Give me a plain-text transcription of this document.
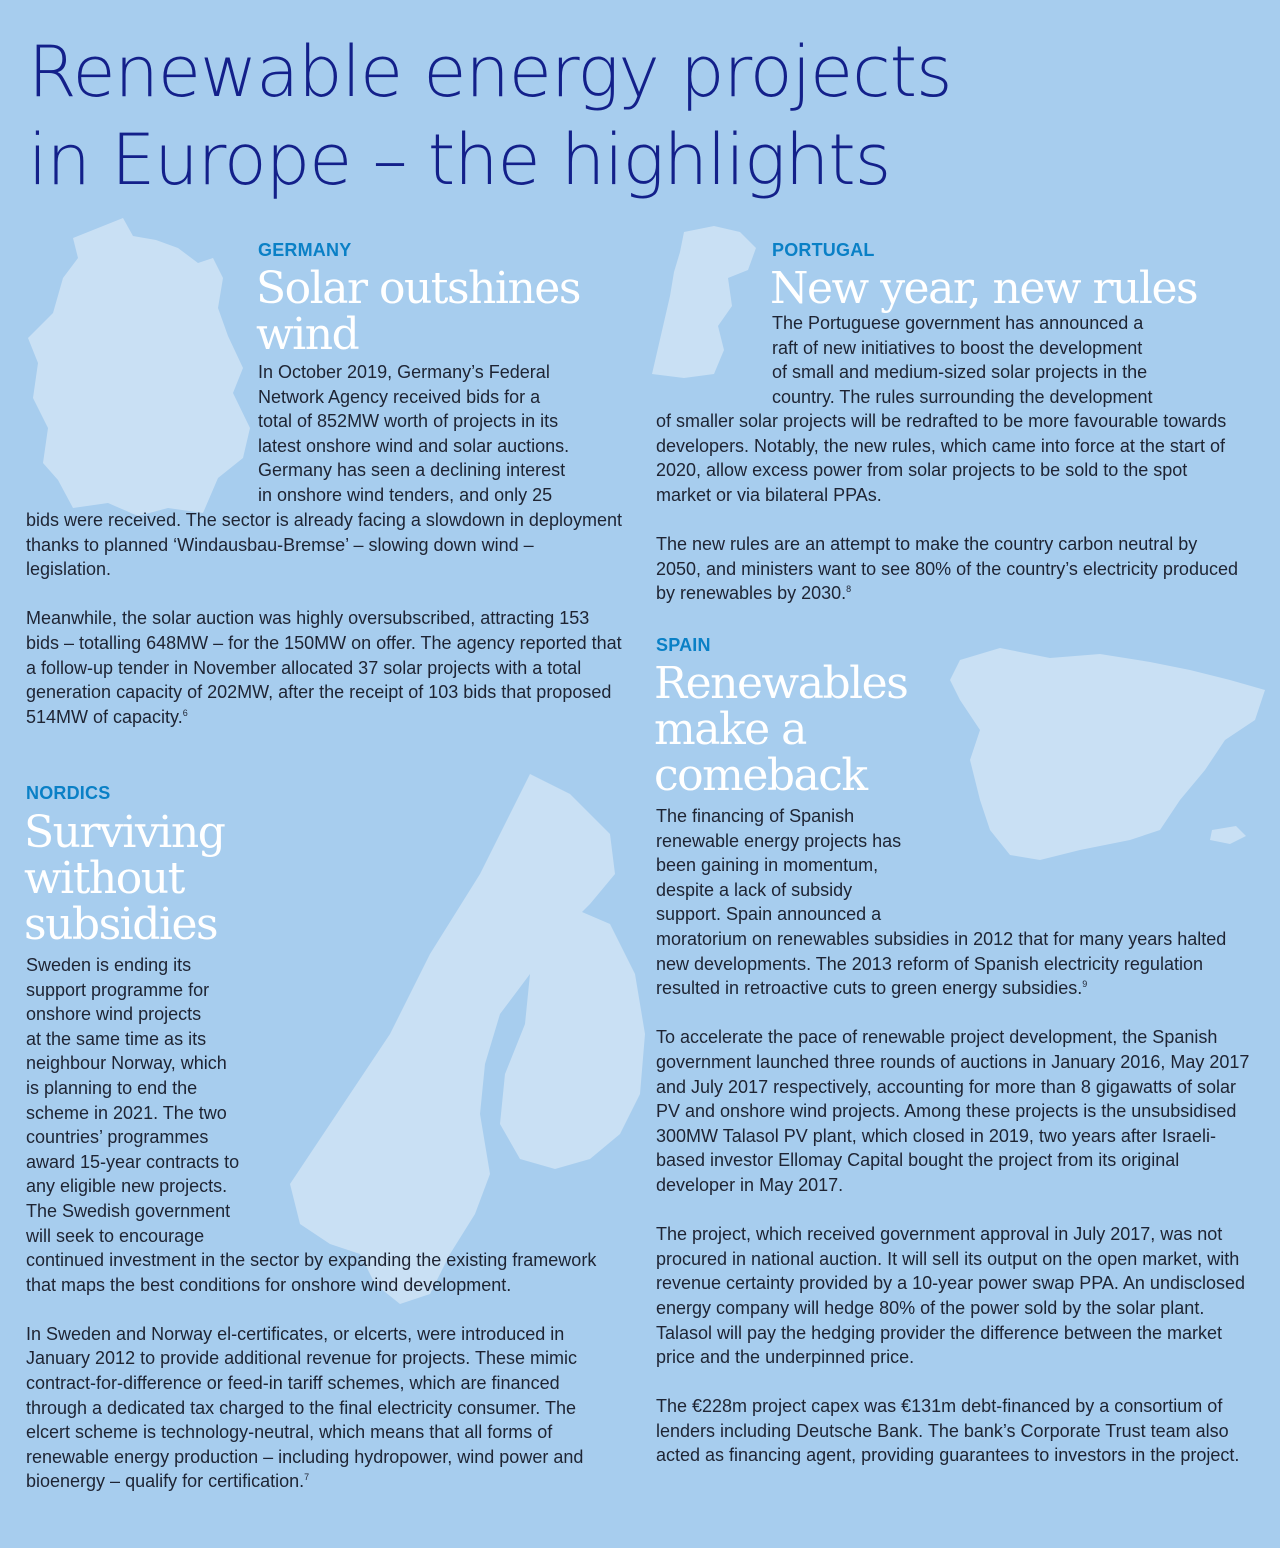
Renewable energy projects
in Europe – the highlights
GERMANY
Solar outshines
wind
In October 2019, Germany’s Federal
Network Agency received bids for a
total of 852MW worth of projects in its
latest onshore wind and solar auctions.
Germany has seen a declining interest
in onshore wind tenders, and only 25

bids were received. The sector is already facing a slowdown in deployment thanks to planned ‘Windausbau-Bremse’ – slowing down wind – legislation.

Meanwhile, the solar auction was highly oversubscribed, attracting 153 bids – totalling 648MW – for the 150MW on offer. The agency reported that a follow-up tender in November allocated 37 solar projects with a total generation capacity of 202MW, after the receipt of 103 bids that proposed 514MW of capacity.$^6$

PORTUGAL
New year, new rules
The Portuguese government has announced a
raft of new initiatives to boost the development
of small and medium-sized solar projects in the
country. The rules surrounding the development

of smaller solar projects will be redrafted to be more favourable towards developers. Notably, the new rules, which came into force at the start of 2020, allow excess power from solar projects to be sold to the spot market or via bilateral PPAs.

The new rules are an attempt to make the country carbon neutral by 2050, and ministers want to see 80% of the country’s electricity produced by renewables by 2030.$^8$

NORDICS
Surviving
without
subsidies
Sweden is ending its
support programme for
onshore wind projects
at the same time as its
neighbour Norway, which
is planning to end the
scheme in 2021. The two
countries’ programmes
award 15-year contracts to
any eligible new projects.
The Swedish government
will seek to encourage

continued investment in the sector by expanding the existing framework that maps the best conditions for onshore wind development.

In Sweden and Norway el-certificates, or elcerts, were introduced in January 2012 to provide additional revenue for projects. These mimic contract-for-difference or feed-in tariff schemes, which are financed through a dedicated tax charged to the final electricity consumer. The elcert scheme is technology-neutral, which means that all forms of renewable energy production – including hydropower, wind power and bioenergy – qualify for certification.$^7$

SPAIN
Renewables
make a
comeback
The financing of Spanish
renewable energy projects has
been gaining in momentum,
despite a lack of subsidy
support. Spain announced a

moratorium on renewables subsidies in 2012 that for many years halted new developments. The 2013 reform of Spanish electricity regulation resulted in retroactive cuts to green energy subsidies.$^9$

To accelerate the pace of renewable project development, the Spanish government launched three rounds of auctions in January 2016, May 2017 and July 2017 respectively, accounting for more than 8 gigawatts of solar PV and onshore wind projects. Among these projects is the unsubsidised 300MW Talasol PV plant, which closed in 2019, two years after Israeli-based investor Ellomay Capital bought the project from its original developer in May 2017.

The project, which received government approval in July 2017, was not procured in national auction. It will sell its output on the open market, with revenue certainty provided by a 10-year power swap PPA. An undisclosed energy company will hedge 80% of the power sold by the solar plant. Talasol will pay the hedging provider the difference between the market price and the underpinned price.

The €228m project capex was €131m debt-financed by a consortium of lenders including Deutsche Bank. The bank’s Corporate Trust team also acted as financing agent, providing guarantees to investors in the project.
